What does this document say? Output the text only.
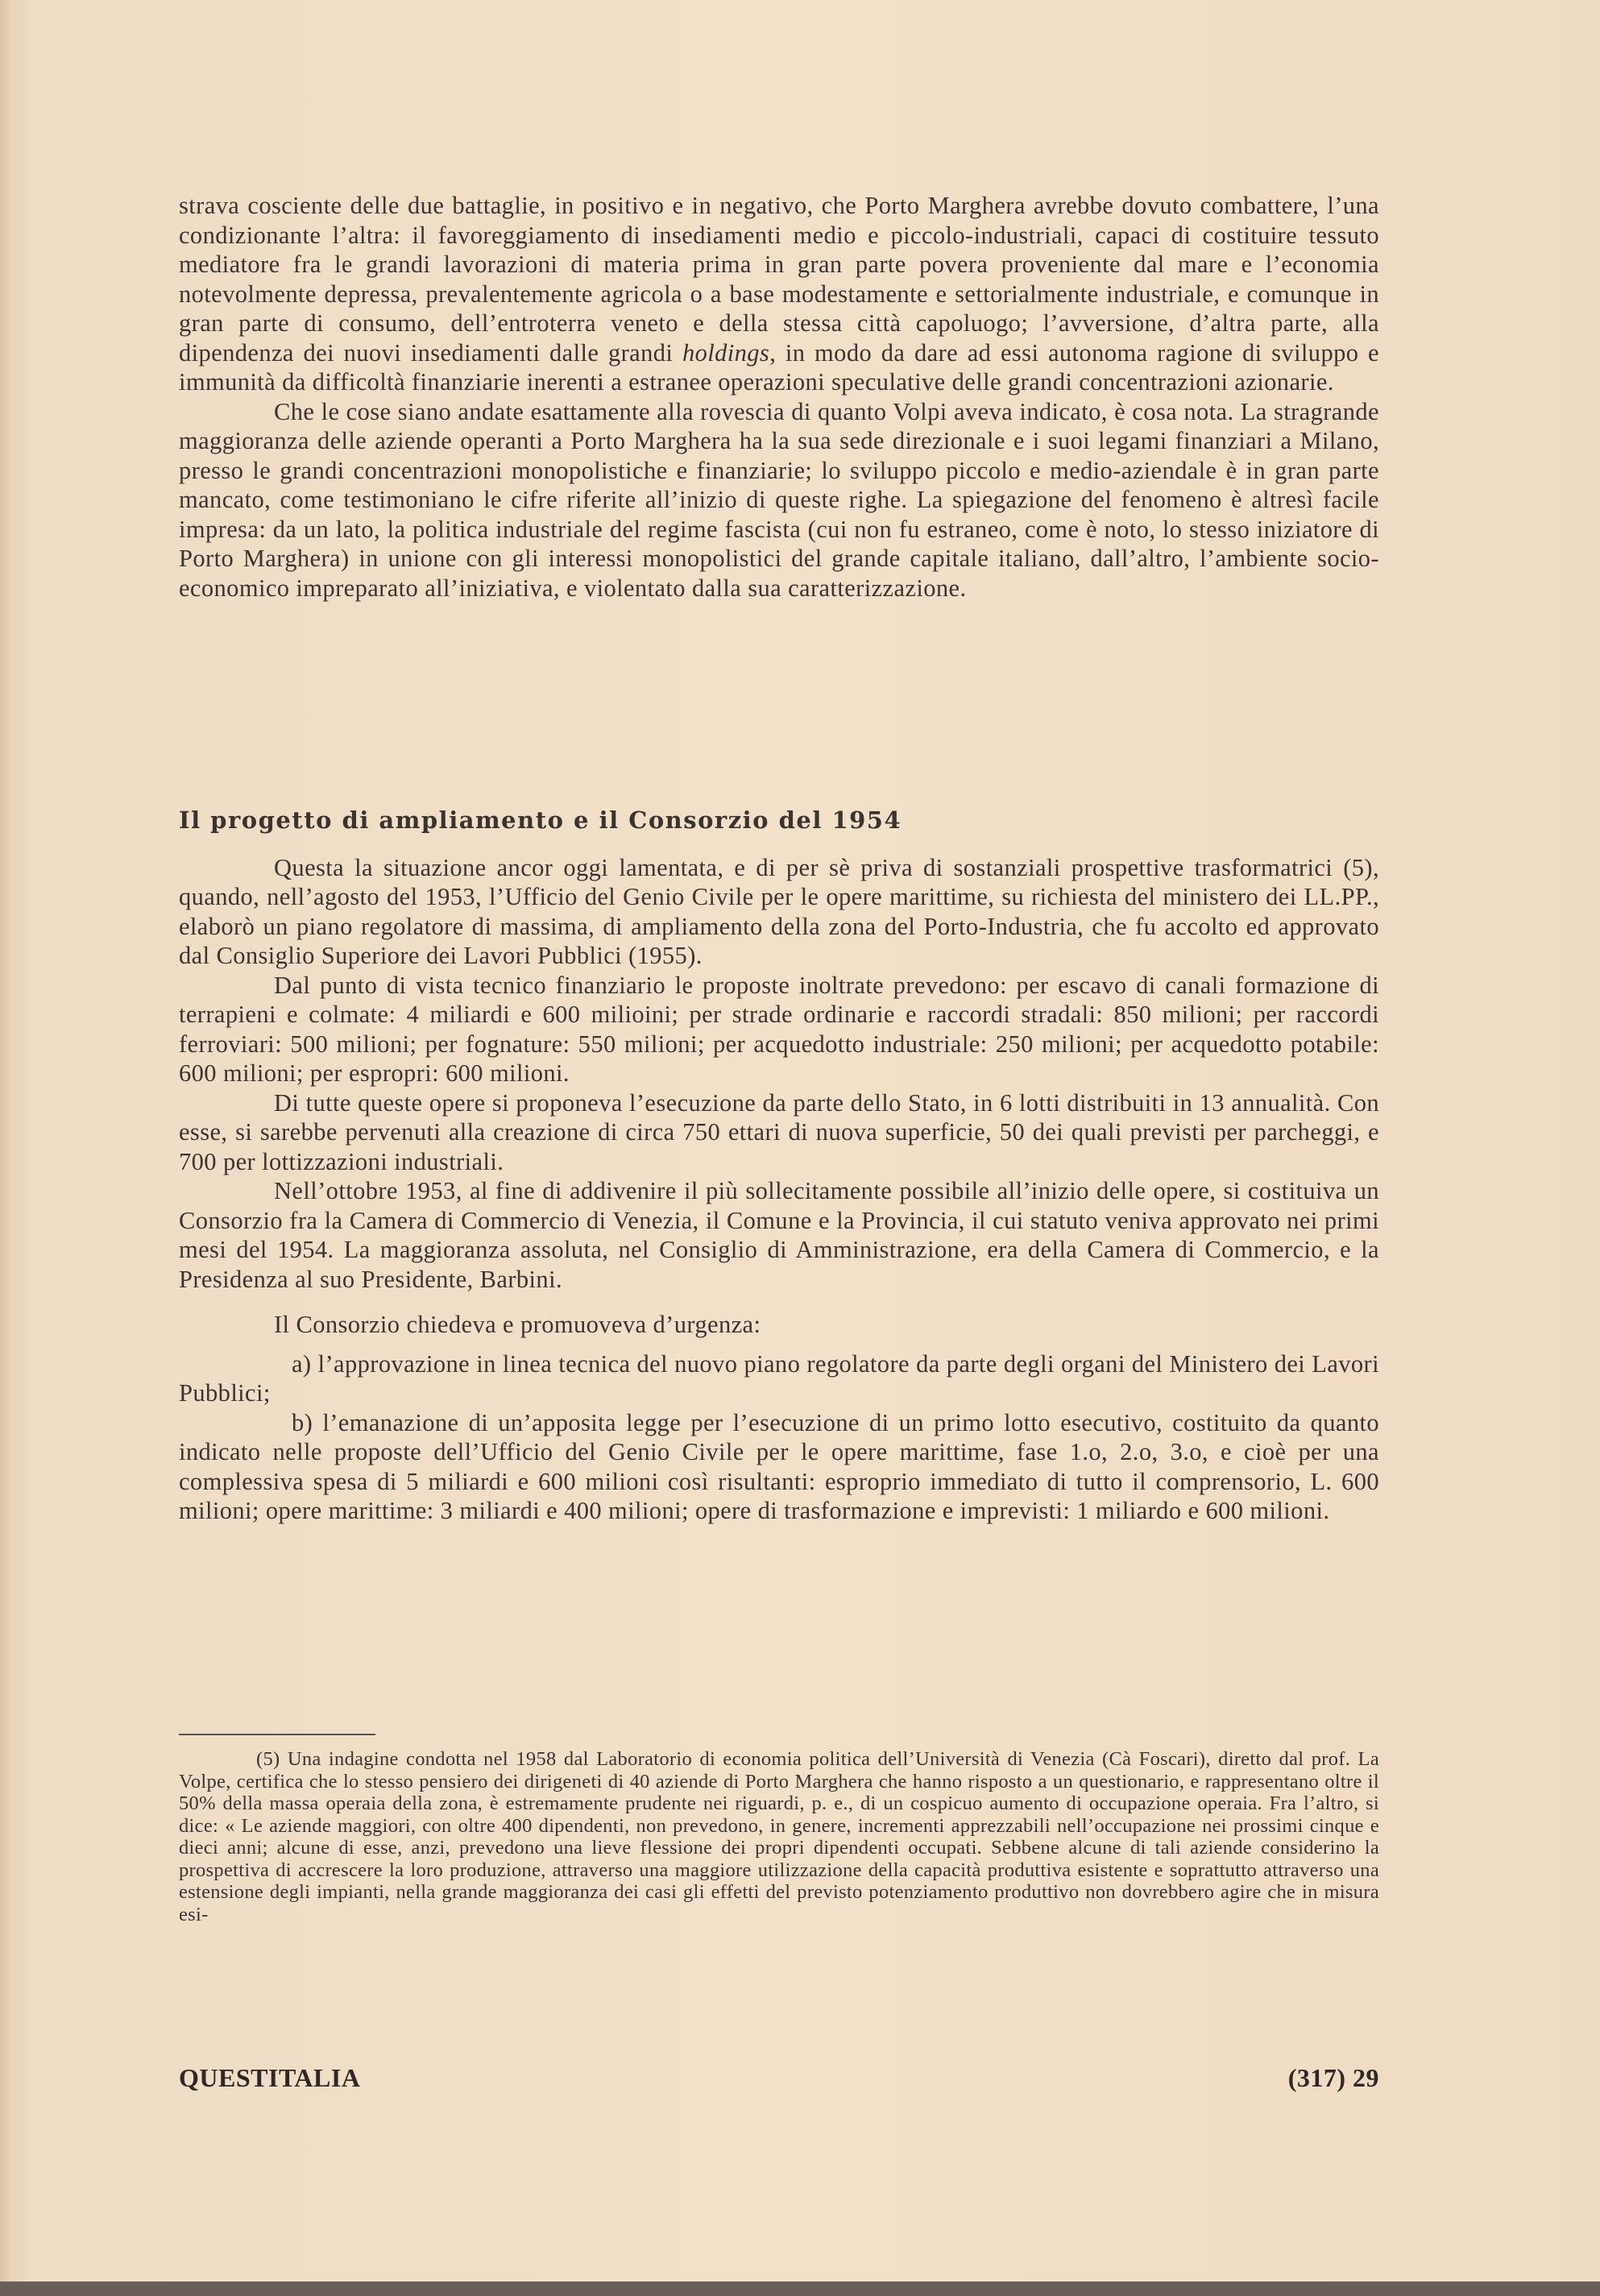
strava cosciente delle due battaglie, in positivo e in negativo, che Porto Marghera avrebbe dovuto combattere, l’una condizionante l’altra: il favoreggiamento di insediamenti medio e piccolo-industriali, capaci di costituire tessuto mediatore fra le grandi lavorazioni di materia prima in gran parte povera proveniente dal mare e l’economia notevolmente depressa, prevalentemente agricola o a base modestamente e settorialmente industriale, e comunque in gran parte di consumo, dell’entroterra veneto e della stessa città capoluogo; l’avversione, d’altra parte, alla dipendenza dei nuovi insediamenti dalle grandi holdings, in modo da dare ad essi autonoma ragione di sviluppo e immunità da difficoltà finanziarie inerenti a estranee operazioni speculative delle grandi concentrazioni azionarie.

Che le cose siano andate esattamente alla rovescia di quanto Volpi aveva indicato, è cosa nota. La stragrande maggioranza delle aziende operanti a Porto Marghera ha la sua sede direzionale e i suoi legami finanziari a Milano, presso le grandi concentrazioni monopolistiche e finanziarie; lo sviluppo piccolo e medio-aziendale è in gran parte mancato, come testimoniano le cifre riferite all’inizio di queste righe. La spiegazione del fenomeno è altresì facile impresa: da un lato, la politica industriale del regime fascista (cui non fu estraneo, come è noto, lo stesso iniziatore di Porto Marghera) in unione con gli interessi monopolistici del grande capitale italiano, dall’altro, l’ambiente socio-economico impreparato all’iniziativa, e violentato dalla sua caratterizzazione.

Il progetto di ampliamento e il Consorzio del 1954

Questa la situazione ancor oggi lamentata, e di per sè priva di sostanziali prospettive trasformatrici (5), quando, nell’agosto del 1953, l’Ufficio del Genio Civile per le opere marittime, su richiesta del ministero dei LL.PP., elaborò un piano regolatore di massima, di ampliamento della zona del Porto-Industria, che fu accolto ed approvato dal Consiglio Superiore dei Lavori Pubblici (1955).

Dal punto di vista tecnico finanziario le proposte inoltrate prevedono: per escavo di canali formazione di terrapieni e colmate: 4 miliardi e 600 milioini; per strade ordinarie e raccordi stradali: 850 milioni; per raccordi ferroviari: 500 milioni; per fognature: 550 milioni; per acquedotto industriale: 250 milioni; per acquedotto potabile: 600 milioni; per espropri: 600 milioni.

Di tutte queste opere si proponeva l’esecuzione da parte dello Stato, in 6 lotti distribuiti in 13 annualità. Con esse, si sarebbe pervenuti alla creazione di circa 750 ettari di nuova superficie, 50 dei quali previsti per parcheggi, e 700 per lottizzazioni industriali.

Nell’ottobre 1953, al fine di addivenire il più sollecitamente possibile all’inizio delle opere, si costituiva un Consorzio fra la Camera di Commercio di Venezia, il Comune e la Provincia, il cui statuto veniva approvato nei primi mesi del 1954. La maggioranza assoluta, nel Consiglio di Amministrazione, era della Camera di Commercio, e la Presidenza al suo Presidente, Barbini.

Il Consorzio chiedeva e promuoveva d’urgenza:

a) l’approvazione in linea tecnica del nuovo piano regolatore da parte degli organi del Ministero dei Lavori Pubblici;

b) l’emanazione di un’apposita legge per l’esecuzione di un primo lotto esecutivo, costituito da quanto indicato nelle proposte dell’Ufficio del Genio Civile per le opere marittime, fase 1.o, 2.o, 3.o, e cioè per una complessiva spesa di 5 miliardi e 600 milioni così risultanti: esproprio immediato di tutto il comprensorio, L. 600 milioni; opere marittime: 3 miliardi e 400 milioni; opere di trasformazione e imprevisti: 1 miliardo e 600 milioni.

(5) Una indagine condotta nel 1958 dal Laboratorio di economia politica dell’Università di Venezia (Cà Foscari), diretto dal prof. La Volpe, certifica che lo stesso pensiero dei dirigeneti di 40 aziende di Porto Marghera che hanno risposto a un questionario, e rappresentano oltre il 50% della massa operaia della zona, è estremamente prudente nei riguardi, p. e., di un cospicuo aumento di occupazione operaia. Fra l’altro, si dice: « Le aziende maggiori, con oltre 400 dipendenti, non prevedono, in genere, incrementi apprezzabili nell’occupazione nei prossimi cinque e dieci anni; alcune di esse, anzi, prevedono una lieve flessione dei propri dipendenti occupati. Sebbene alcune di tali aziende considerino la prospettiva di accrescere la loro produzione, attraverso una maggiore utilizzazione della capacità produttiva esistente e soprattutto attraverso una estensione degli impianti, nella grande maggioranza dei casi gli effetti del previsto potenziamento produttivo non dovrebbero agire che in misura esi-

QUESTITALIA	(317) 29
